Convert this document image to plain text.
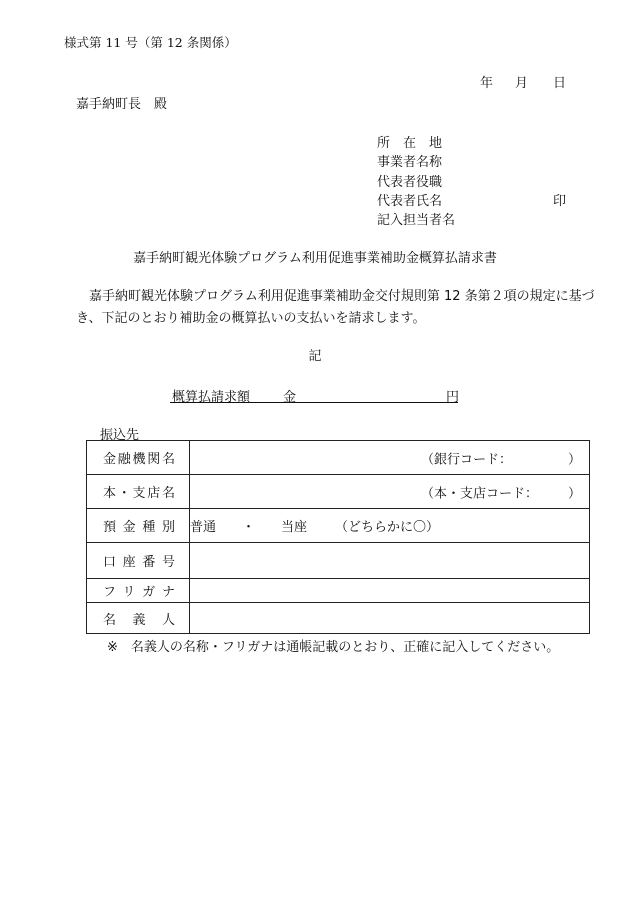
様式第 11 号（第 12 条関係）
年 月 日
嘉手納町長　殿
所　在　地
事業者名称
代表者役職
代表者氏名	印
記入担当者名
嘉手納町観光体験プログラム利用促進事業補助金概算払請求書
嘉手納町観光体験プログラム利用促進事業補助金交付規則第 12 条第２項の規定に基づ
き、下記のとおり補助金の概算払いの支払いを請求します。
記
概算払請求額	金	円
振込先
金融機関名	（銀行コード： ）

本・支店名	（本・支店コード： ）

預金種別	普通 ・ 当座 （どちらかに〇）

口座番号	

フリガナ	

名義人	

※　名義人の名称・フリガナは通帳記載のとおり、正確に記入してください。
